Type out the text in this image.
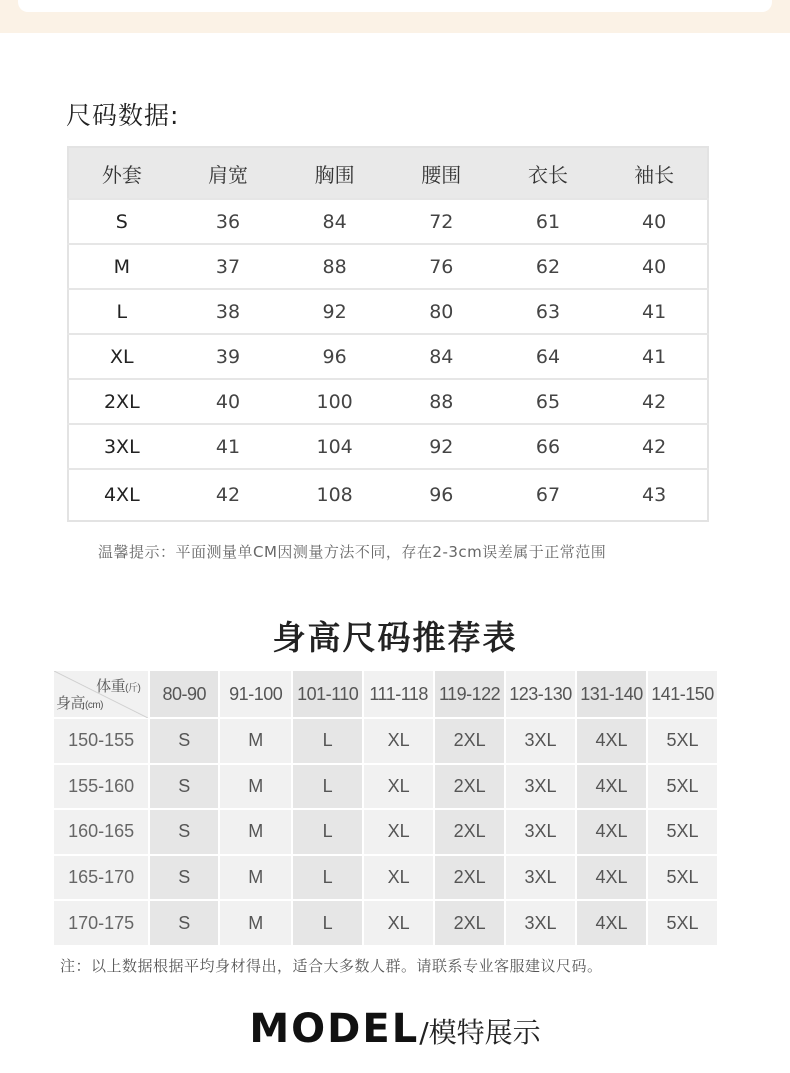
尺码数据:
外套	肩宽	胸围	腰围	衣长	袖长
S	36	84	72	61	40
M	37	88	76	62	40
L	38	92	80	63	41
XL	39	96	84	64	41
2XL	40	100	88	65	42
3XL	41	104	92	66	42
4XL	42	108	96	67	43
温馨提示：平面测量单CM因测量方法不同，存在2-3cm误差属于正常范围
身高尺码推荐表
体重(斤)
身高(cm)	80-90	91-100	101-110	111-118	119-122	123-130	131-140	141-150
150-155	S	M	L	XL	2XL	3XL	4XL	5XL
155-160	S	M	L	XL	2XL	3XL	4XL	5XL
160-165	S	M	L	XL	2XL	3XL	4XL	5XL
165-170	S	M	L	XL	2XL	3XL	4XL	5XL
170-175	S	M	L	XL	2XL	3XL	4XL	5XL
注：以上数据根据平均身材得出，适合大多数人群。请联系专业客服建议尺码。
MODEL/模特展示
